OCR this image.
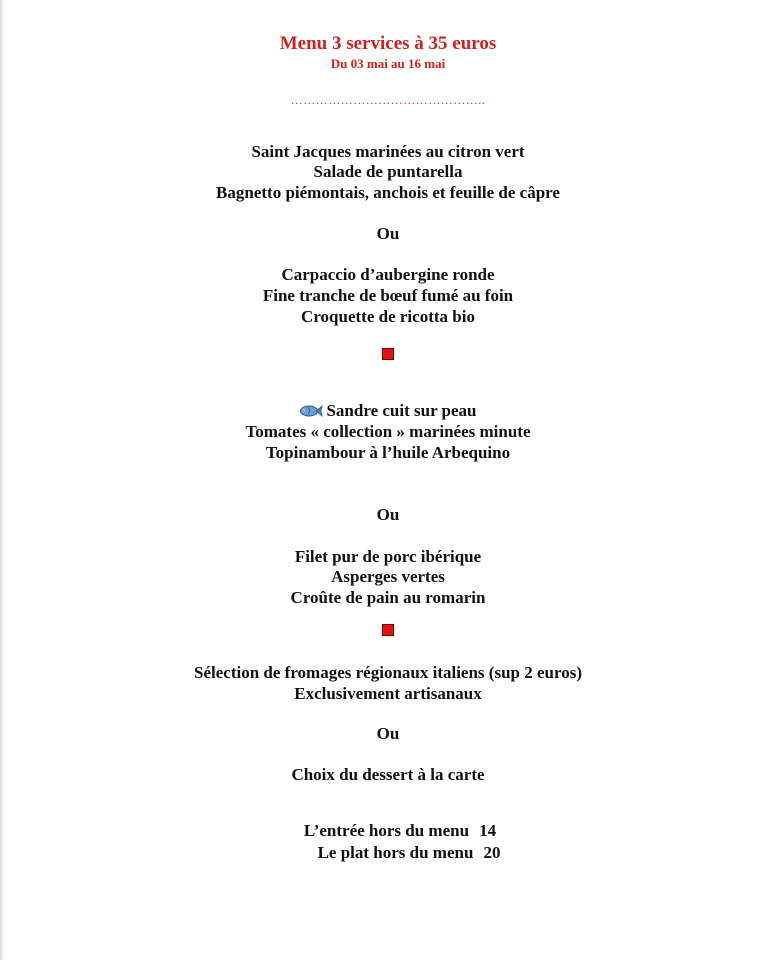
Menu 3 services à 35 euros
Du 03 mai au 16 mai
………………………………………..
Saint Jacques marinées au citron vert
Salade de puntarella
Bagnetto piémontais, anchois et feuille de câpre
Ou
Carpaccio d’aubergine ronde
Fine tranche de bœuf fumé au foin
Croquette de ricotta bio
Sandre cuit sur peau
Tomates « collection » marinées minute
Topinambour à l’huile Arbequino
Ou
Filet pur de porc ibérique
Asperges vertes
Croûte de pain au romarin
Sélection de fromages régionaux italiens (sup 2 euros)
Exclusivement artisanaux
Ou
Choix du dessert à la carte
L’entrée hors du menu 14
Le plat hors du menu 20
